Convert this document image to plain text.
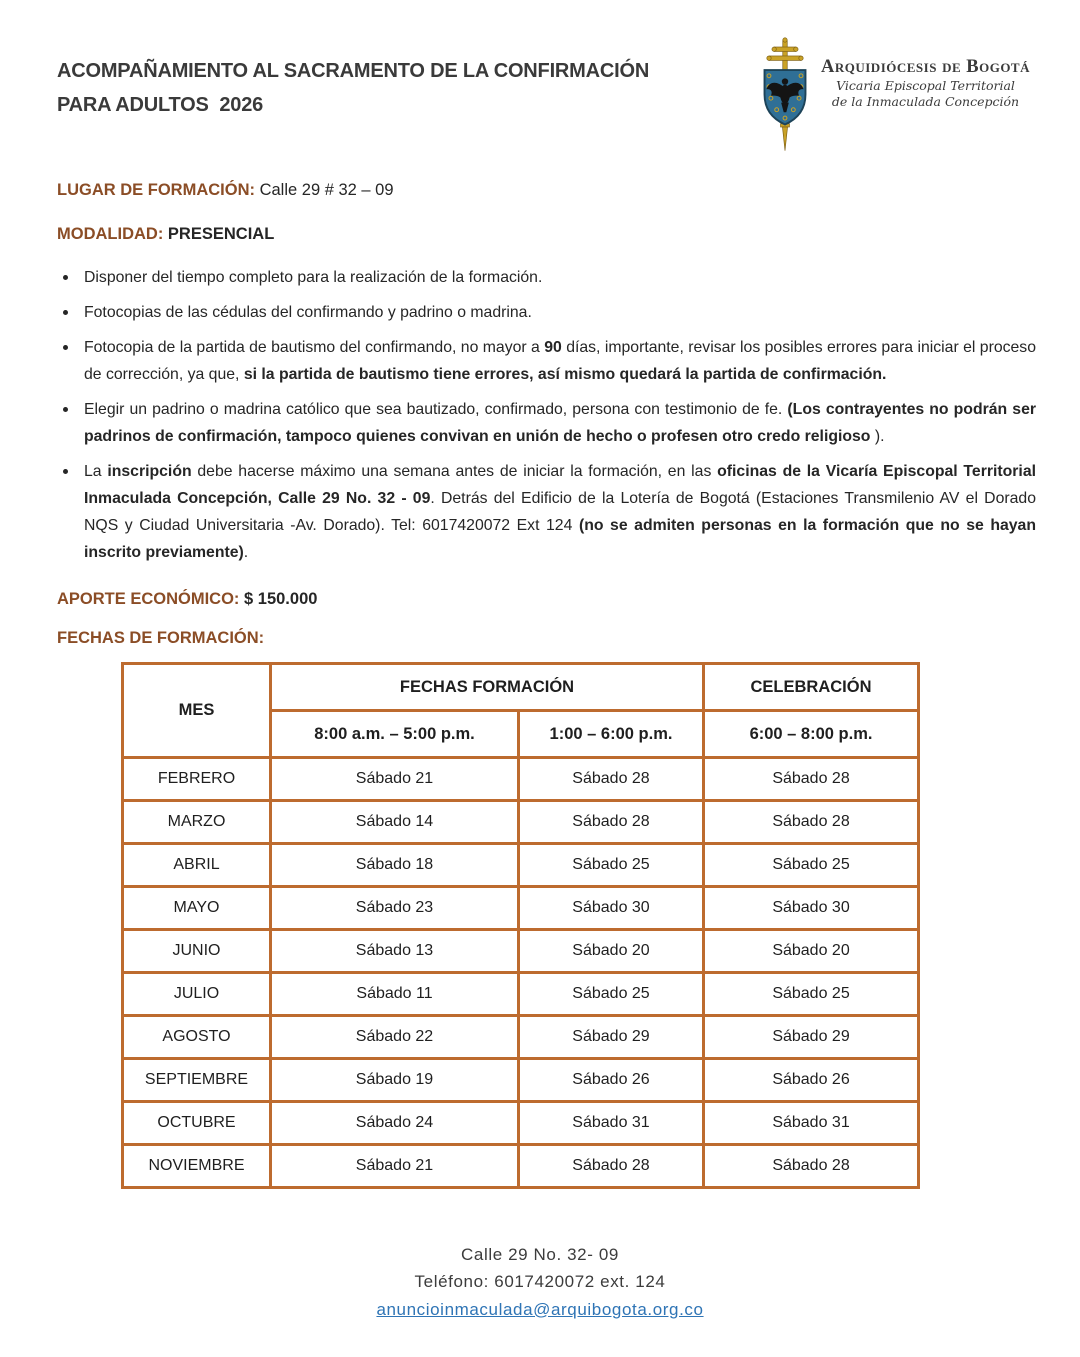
ACOMPAÑAMIENTO AL SACRAMENTO DE LA CONFIRMACIÓN
PARA ADULTOS  2026
Arquidiócesis de Bogotá
Vicaria Episcopal Territorial
de la Inmaculada Concepción
LUGAR DE FORMACIÓN: Calle 29 # 32 – 09
MODALIDAD: PRESENCIAL
Disponer del tiempo completo para la realización de la formación.
Fotocopias de las cédulas del confirmando y padrino o madrina.
Fotocopia de la partida de bautismo del confirmando, no mayor a 90 días, importante, revisar los posibles errores para iniciar el proceso de corrección, ya que, si la partida de bautismo tiene errores, así mismo quedará la partida de confirmación.
Elegir un padrino o madrina católico que sea bautizado, confirmado, persona con testimonio de fe. (Los contrayentes no podrán ser padrinos de confirmación, tampoco quienes convivan en unión de hecho o profesen otro credo religioso ).
La inscripción debe hacerse máximo una semana antes de iniciar la formación, en las oficinas de la Vicaría Episcopal Territorial Inmaculada Concepción, Calle 29 No. 32 - 09. Detrás del Edificio de la Lotería de Bogotá (Estaciones Transmilenio AV el Dorado NQS y Ciudad Universitaria -Av. Dorado). Tel: 6017420072 Ext 124 (no se admiten personas en la formación que no se hayan inscrito previamente).
APORTE ECONÓMICO: $ 150.000
FECHAS DE FORMACIÓN:
MES	FECHAS FORMACIÓN		CELEBRACIÓN
	8:00 a.m. – 5:00 p.m.	1:00 – 6:00 p.m.	6:00 – 8:00 p.m.
FEBRERO	Sábado 21	Sábado 28	Sábado 28
MARZO	Sábado 14	Sábado 28	Sábado 28
ABRIL	Sábado 18	Sábado 25	Sábado 25
MAYO	Sábado 23	Sábado 30	Sábado 30
JUNIO	Sábado 13	Sábado 20	Sábado 20
JULIO	Sábado 11	Sábado 25	Sábado 25
AGOSTO	Sábado 22	Sábado 29	Sábado 29
SEPTIEMBRE	Sábado 19	Sábado 26	Sábado 26
OCTUBRE	Sábado 24	Sábado 31	Sábado 31
NOVIEMBRE	Sábado 21	Sábado 28	Sábado 28
Calle 29 No. 32- 09
Teléfono: 6017420072 ext. 124
anuncioinmaculada@arquibogota.org.co
